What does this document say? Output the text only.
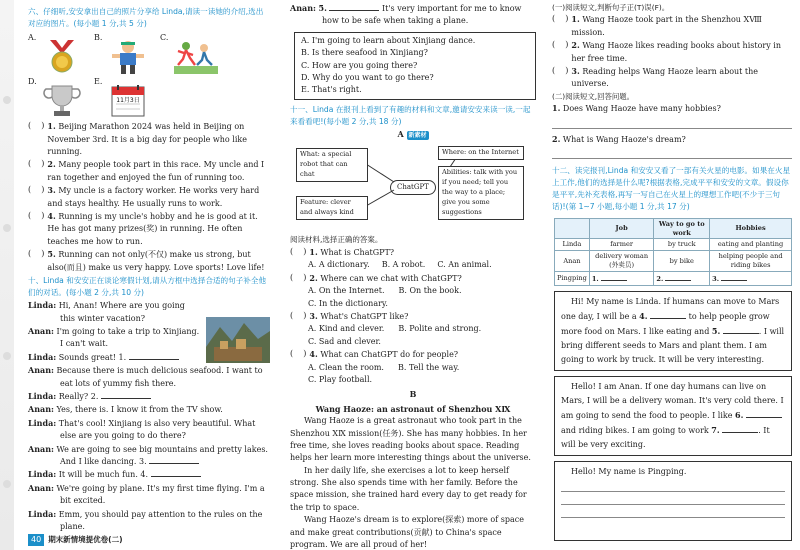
六、仔细听,安安拿出自己的照片分享给 Linda,请读一读她的介绍,选出对应的图片。(每小题 1 分,共 5 分)
A.	B.	C.
D.	E.
11月3日
( ) 1. Beijing Marathon 2024 was held in Beijing on November 3rd. It is a big day for people who like running.
( ) 2. Many people took part in this race. My uncle and I ran together and enjoyed the fun of running too.
( ) 3. My uncle is a factory worker. He works very hard and stays healthy. He usually runs to work.
( ) 4. Running is my uncle's hobby and he is good at it. He has got many prizes(奖) in running. He often teaches me how to run.
( ) 5. Running can not only(不仅) make us strong, but also(而且) make us very happy. Love sports! Love life!
十、Linda 和安安正在谈论寒假计划,请从方框中选择合适的句子补全他们的对话。(每小题 2 分,共 10 分)
Linda: Hi, Anan! Where are you going this winter vacation?
Anan: I'm going to take a trip to Xinjiang. I can't wait.
Linda: Sounds great! 1.
Anan: Because there is much delicious seafood. I want to eat lots of yummy fish there.
Linda: Really? 2.
Anan: Yes, there is. I know it from the TV show.
Linda: That's cool! Xinjiang is also very beautiful. What else are you going to do there?
Anan: We are going to see big mountains and pretty lakes. And I like dancing. 3.
Linda: It will be much fun. 4.
Anan: We're going by plane. It's my first time flying. I'm a bit excited.
Linda: Emm, you should pay attention to the rules on the plane.
40 期末新情境提优卷(二)
Anan: 5.	It's very important for me to know how to be safe when taking a plane.
A. I'm going to learn about Xinjiang dance.
B. Is there seafood in Xinjiang?
C. How are you going there?
D. Why do you want to go there?
E. That's right.
十一、Linda 在报刊上看到了有趣的材料和文章,邀请安安来读一读,一起来看看吧!(每小题 2 分,共 18 分)
A 新素材
What: a special robot that can chat
Feature: clever and always kind
ChatGPT
Where: on the Internet
Abilities: talk with you if you need; tell you the way to a place; give you some suggestions
阅读材料,选择正确的答案。
(    ) 1. What is ChatGPT?
A. A dictionary. B. A robot. C. An animal.
(    ) 2. Where can we chat with ChatGPT?
A. On the Internet. B. On the book.
C. In the dictionary.
(    ) 3. What's ChatGPT like?
A. Kind and clever. B. Polite and strong.
C. Sad and clever.
(    ) 4. What can ChatGPT do for people?
A. Clean the room. B. Tell the way.
C. Play football.
B
Wang Haoze: an astronaut of Shenzhou ⅩⅨ
Wang Haoze is a great astronaut who took part in the Shenzhou ⅩⅨ mission(任务). She has many hobbies. In her free time, she loves reading books about space. Reading helps her learn more interesting things about the universe.
In her daily life, she exercises a lot to keep herself strong. She also spends time with her family. Before the space mission, she trained hard every day to get ready for the trip to space.
Wang Haoze's dream is to explore(探索) more of space and make great contributions(贡献) to China's space program. We are all proud of her!
(一)阅读短文,判断句子正(T)误(F)。
(    ) 1. Wang Haoze took part in the Shenzhou ⅩⅧ mission.
(    ) 2. Wang Haoze likes reading books about history in her free time.
(    ) 3. Reading helps Wang Haoze learn about the universe.
(二)阅读短文,回答问题。
1. Does Wang Haoze have many hobbies?
2. What is Wang Haoze's dream?
十二、读完报刊,Linda 和安安又看了一部有关火星的电影。如果在火星上工作,他们的选择是什么呢?根据表格,完成平平和安安的文章。假设你是平平,先补充表格,再写一写自己在火星上的理想工作吧(不少于三句话)!(第 1~7 小题,每小题 1 分,共 17 分)
	Job	Way to go to work	Hobbies
Linda	farmer	by truck	eating and planting
Anan	delivery woman (外卖员)	by bike	helping people and riding bikes
Pingping	1.	2.	3.
Hi! My name is Linda. If humans can move to Mars one day, I will be a 4.	to help people grow more food on Mars. I like eating and 5.	. I will bring different seeds to Mars and plant them. I am going to work by truck. It will be very interesting.
Hello! I am Anan. If one day humans can live on Mars, I will be a delivery woman. It's very cold there. I am going to send the food to people. I like 6.  and riding bikes. I am going to work 7.	. It will be very exciting.
Hello! My name is Pingping.
